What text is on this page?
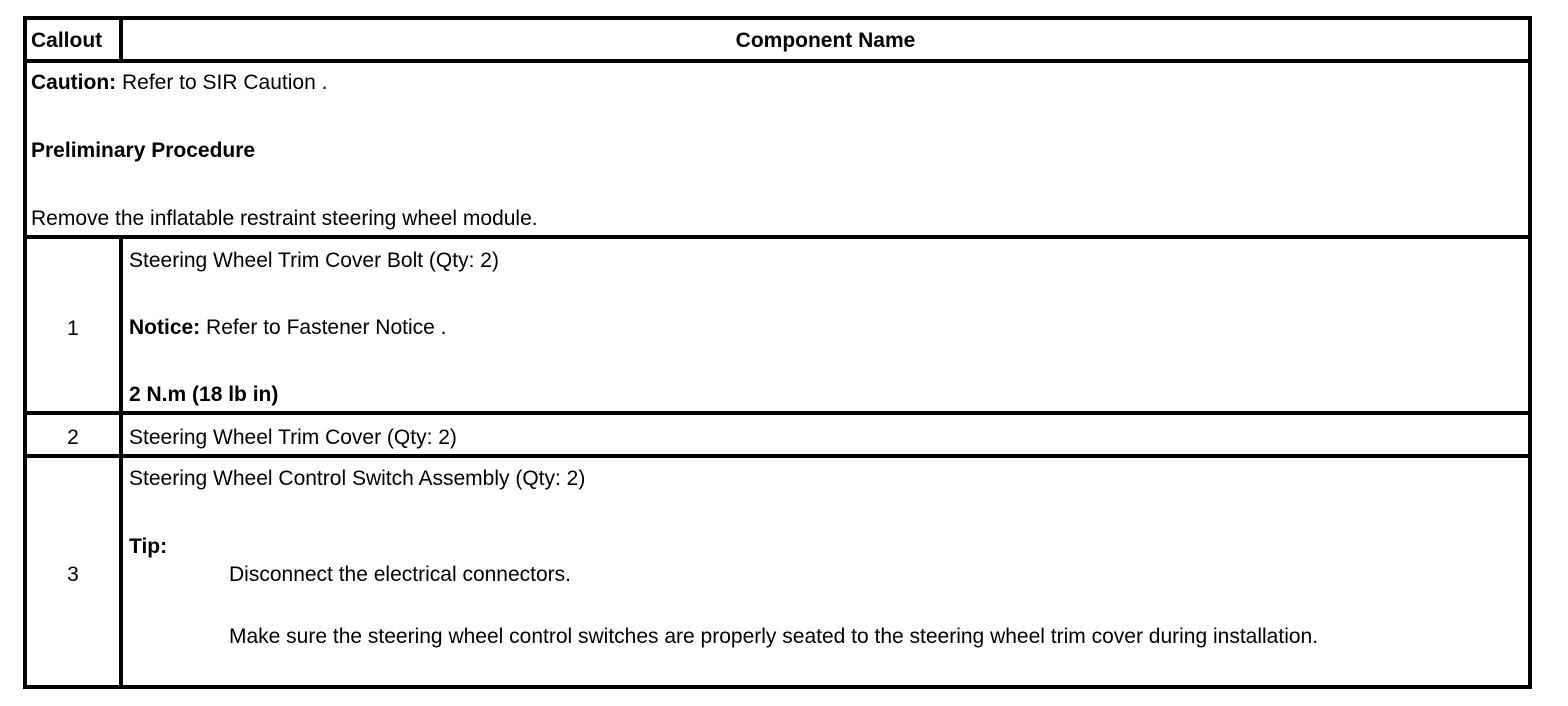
Callout	Component Name
Caution: Refer to SIR Caution .
Preliminary Procedure
Remove the inflatable restraint steering wheel module.
1
Steering Wheel Trim Cover Bolt (Qty: 2)
Notice: Refer to Fastener Notice .
2 N.m (18 lb in)
2	Steering Wheel Trim Cover (Qty: 2)
3
Steering Wheel Control Switch Assembly (Qty: 2)
Tip:
Disconnect the electrical connectors.
Make sure the steering wheel control switches are properly seated to the steering wheel trim cover during installation.
